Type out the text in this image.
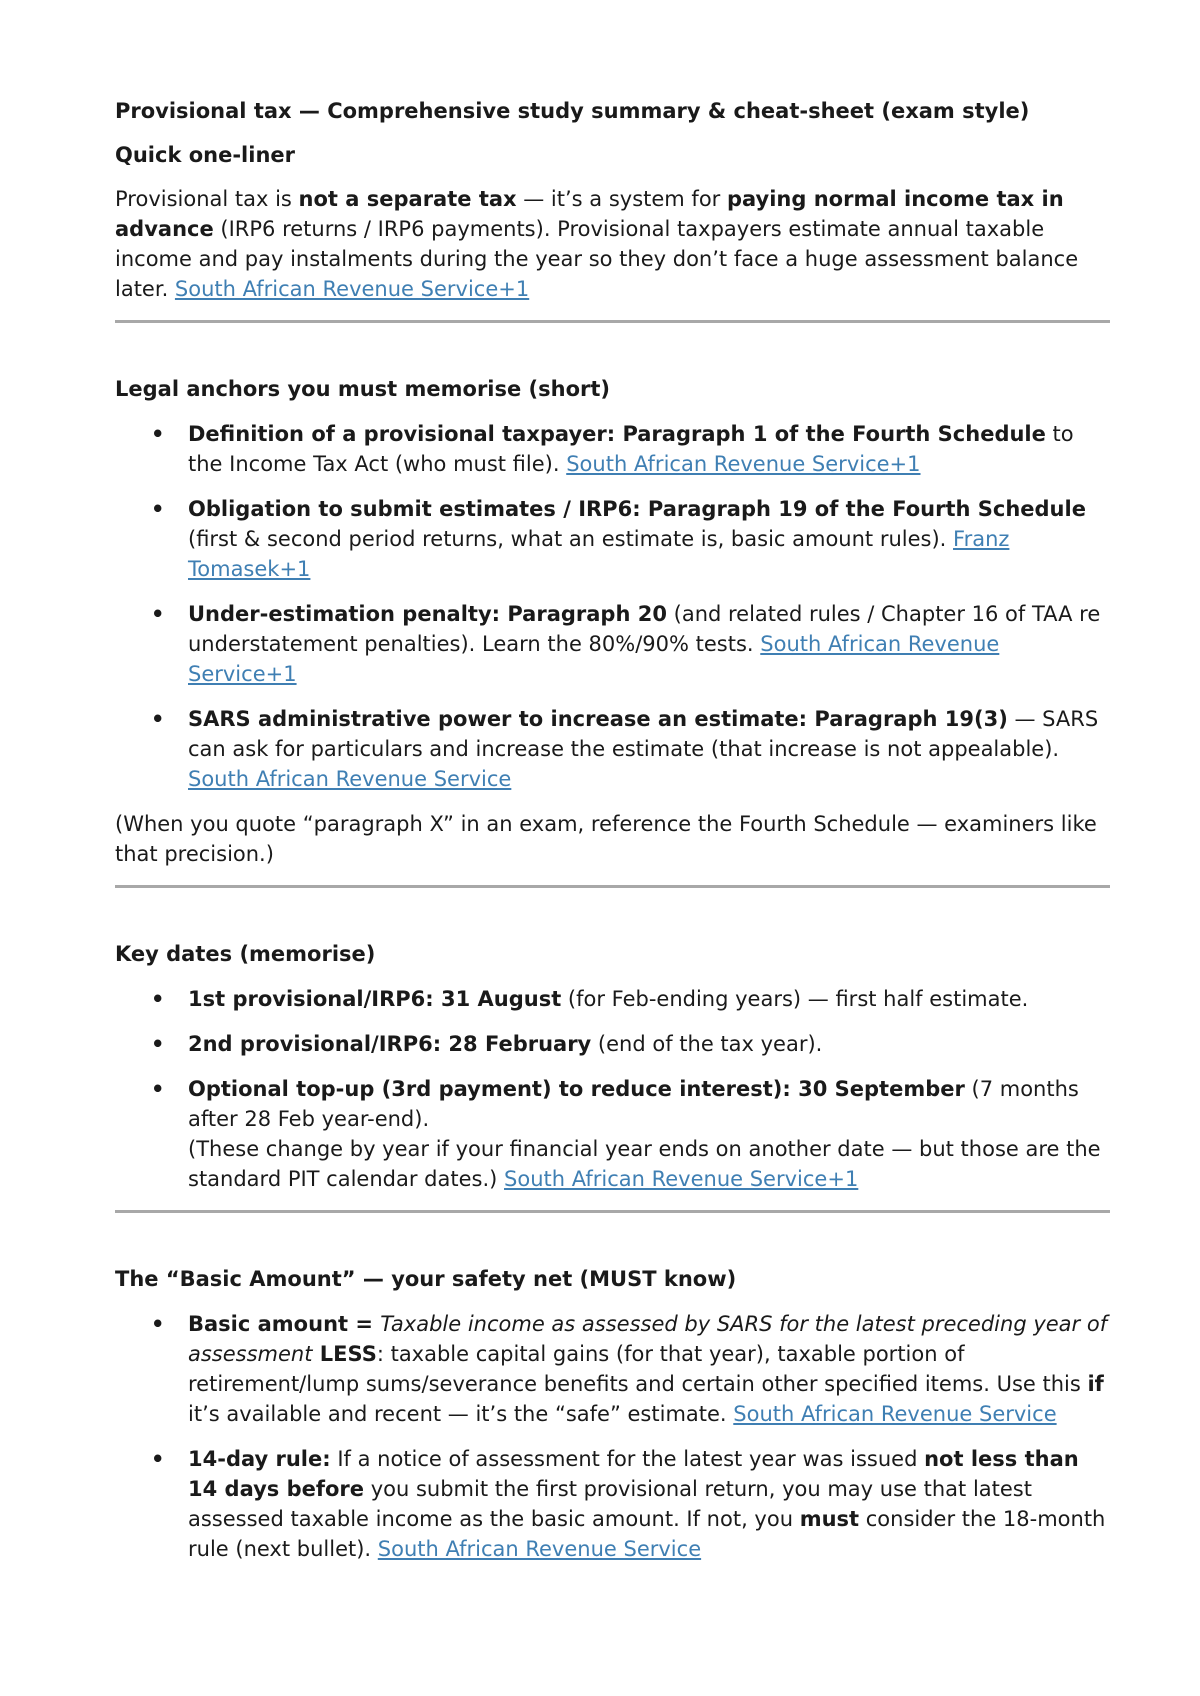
Provisional tax — Comprehensive study summary & cheat-sheet (exam style)

Quick one-liner

Provisional tax is not a separate tax — it’s a system for paying normal income tax in advance (IRP6 returns / IRP6 payments). Provisional taxpayers estimate annual taxable income and pay instalments during the year so they don’t face a huge assessment balance later. South African Revenue Service+1

Legal anchors you must memorise (short)

• Definition of a provisional taxpayer: Paragraph 1 of the Fourth Schedule to the Income Tax Act (who must file). South African Revenue Service+1
• Obligation to submit estimates / IRP6: Paragraph 19 of the Fourth Schedule (first & second period returns, what an estimate is, basic amount rules). Franz Tomasek+1
• Under-estimation penalty: Paragraph 20 (and related rules / Chapter 16 of TAA re understatement penalties). Learn the 80%/90% tests. South African Revenue Service+1
• SARS administrative power to increase an estimate: Paragraph 19(3) — SARS can ask for particulars and increase the estimate (that increase is not appealable). South African Revenue Service

(When you quote “paragraph X” in an exam, reference the Fourth Schedule — examiners like that precision.)

Key dates (memorise)

• 1st provisional/IRP6: 31 August (for Feb-ending years) — first half estimate.
• 2nd provisional/IRP6: 28 February (end of the tax year).
• Optional top-up (3rd payment) to reduce interest): 30 September (7 months after 28 Feb year-end).
(These change by year if your financial year ends on another date — but those are the standard PIT calendar dates.) South African Revenue Service+1

The “Basic Amount” — your safety net (MUST know)

• Basic amount = Taxable income as assessed by SARS for the latest preceding year of assessment LESS: taxable capital gains (for that year), taxable portion of retirement/lump sums/severance benefits and certain other specified items. Use this if it’s available and recent — it’s the “safe” estimate. South African Revenue Service
• 14-day rule: If a notice of assessment for the latest year was issued not less than 14 days before you submit the first provisional return, you may use that latest assessed taxable income as the basic amount. If not, you must consider the 18-month rule (next bullet). South African Revenue Service
